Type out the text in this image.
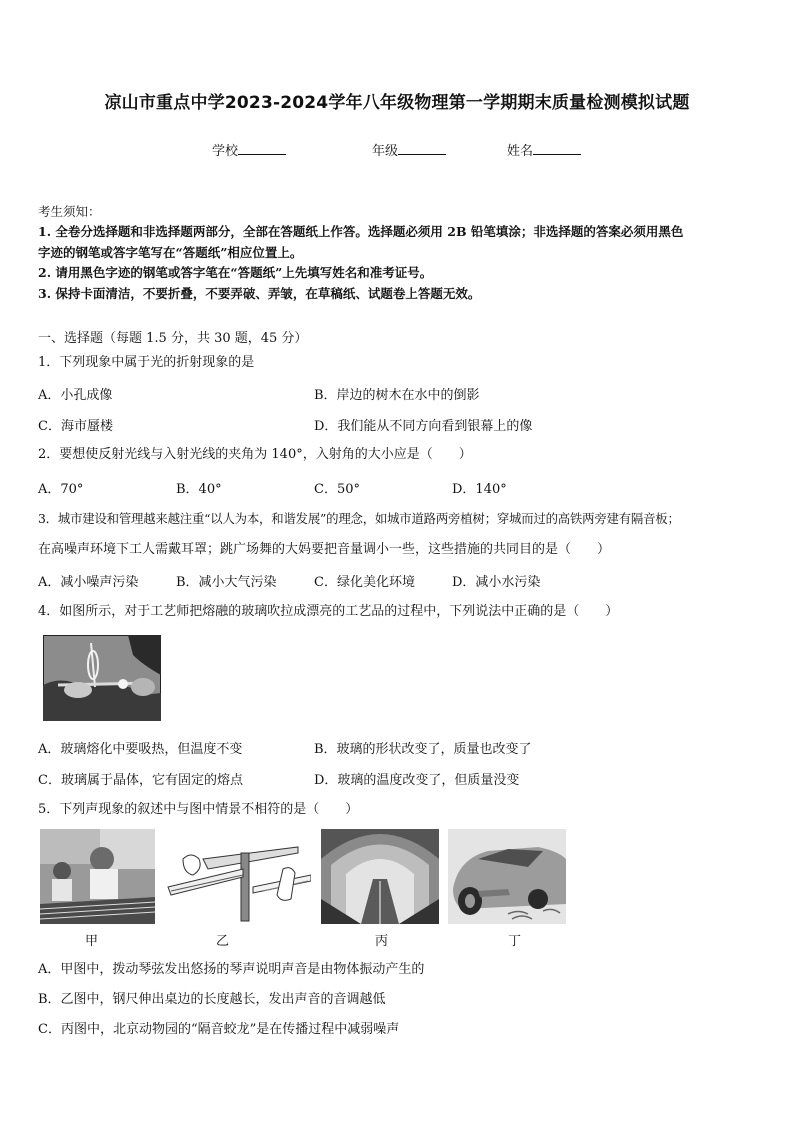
凉山市重点中学2023-2024学年八年级物理第一学期期末质量检测模拟试题
学校	年级	姓名
考生须知：
1. 全卷分选择题和非选择题两部分，全部在答题纸上作答。选择题必须用 2B 铅笔填涂；非选择题的答案必须用黑色
字迹的钢笔或答字笔写在“答题纸”相应位置上。
2. 请用黑色字迹的钢笔或答字笔在“答题纸”上先填写姓名和准考证号。
3. 保持卡面清洁，不要折叠，不要弄破、弄皱，在草稿纸、试题卷上答题无效。
一、选择题（每题 1.5 分，共 30 题，45 分）
1．下列现象中属于光的折射现象的是
A．小孔成像	B．岸边的树木在水中的倒影
C．海市蜃楼	D．我们能从不同方向看到银幕上的像
2．要想使反射光线与入射光线的夹角为 140°，入射角的大小应是（　　）
A．70°	B．40°	C．50°	D．140°
3．城市建设和管理越来越注重“以人为本，和谐发展”的理念，如城市道路两旁植树；穿城而过的高铁两旁建有隔音板；
在高噪声环境下工人需戴耳罩；跳广场舞的大妈要把音量调小一些，这些措施的共同目的是（　　）
A．减小噪声污染	B．减小大气污染	C．绿化美化环境	D．减小水污染
4．如图所示，对于工艺师把熔融的玻璃吹拉成漂亮的工艺品的过程中，下列说法中正确的是（　　）
A．玻璃熔化中要吸热，但温度不变	B．玻璃的形状改变了，质量也改变了
C．玻璃属于晶体，它有固定的熔点	D．玻璃的温度改变了，但质量没变
5．下列声现象的叙述中与图中情景不相符的是（　　）
甲	乙	丙	丁
A．甲图中，拨动琴弦发出悠扬的琴声说明声音是由物体振动产生的
B．乙图中，钢尺伸出桌边的长度越长，发出声音的音调越低
C．丙图中，北京动物园的“隔音蛟龙”是在传播过程中减弱噪声
